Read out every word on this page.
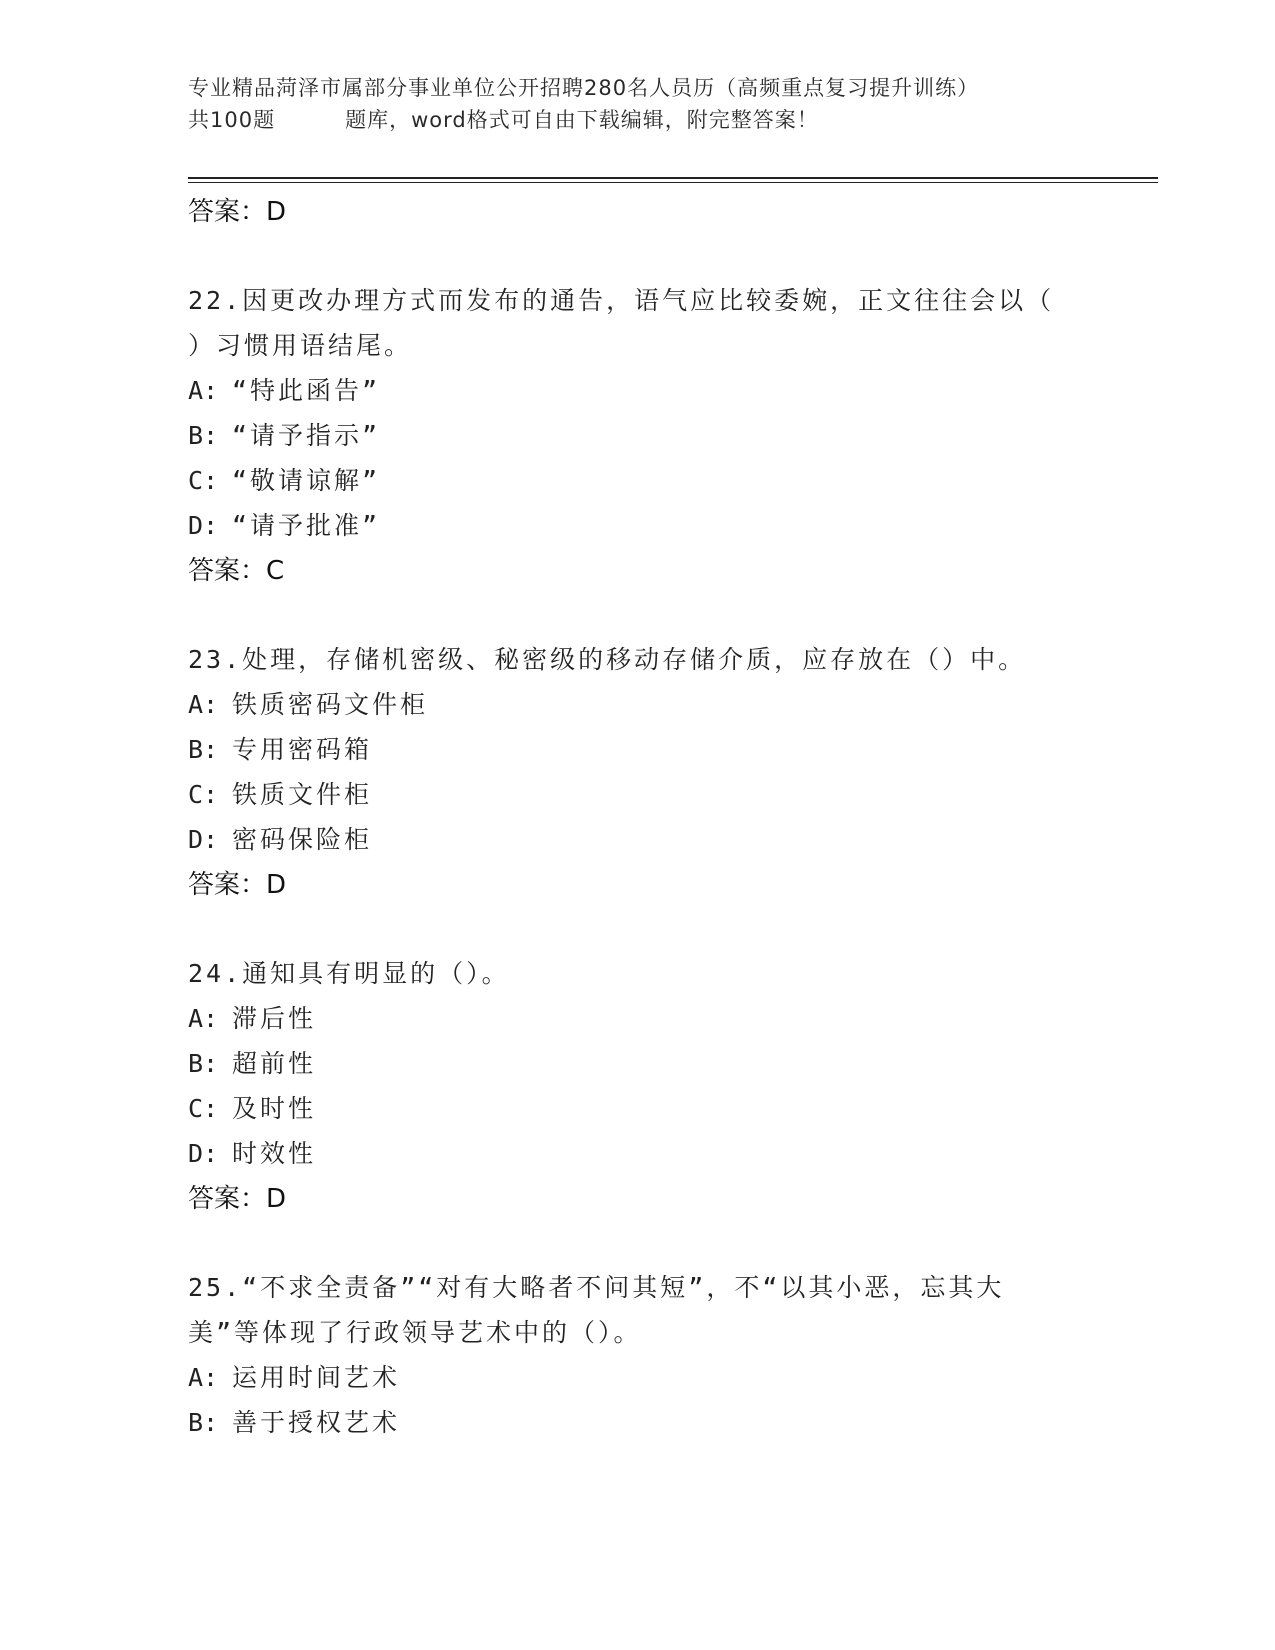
专业精品菏泽市属部分事业单位公开招聘280名人员历（高频重点复习提升训练）
共100题	题库，word格式可自由下载编辑，附完整答案！
答案：D
22.因更改办理方式而发布的通告，语气应比较委婉，正文往往会以（
）习惯用语结尾。
A: “特此函告”
B: “请予指示”
C: “敬请谅解”
D: “请予批准”
答案：C
23.处理，存储机密级、秘密级的移动存储介质，应存放在（）中。
A: 铁质密码文件柜
B: 专用密码箱
C: 铁质文件柜
D: 密码保险柜
答案：D
24.通知具有明显的（）。
A: 滞后性
B: 超前性
C: 及时性
D: 时效性
答案：D
25.“不求全责备”“对有大略者不问其短”，不“以其小恶，忘其大
美”等体现了行政领导艺术中的（）。
A: 运用时间艺术
B: 善于授权艺术
